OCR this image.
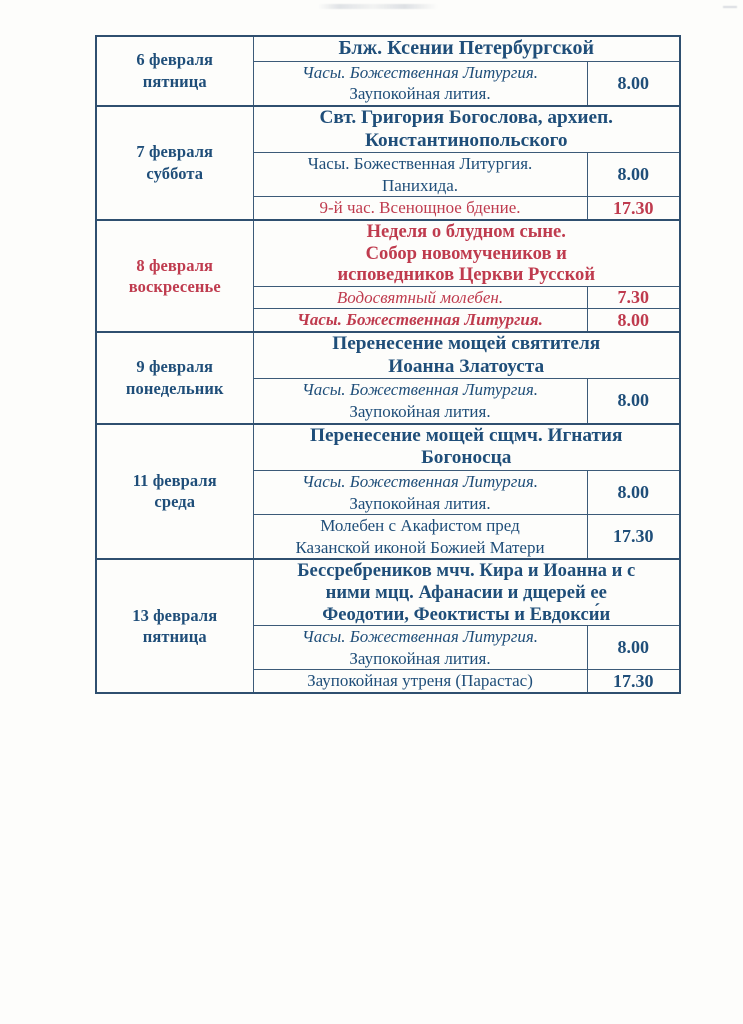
6 февраля
пятница	Блж. Ксении Петербургской	

	Часы. Божественная Литургия.
Заупокойная лития.	8.00

7 февраля
суббота	Свт. Григория Богослова, архиеп.
Константинопольского	

	Часы. Божественная Литургия.
Панихида.	8.00

	9-й час. Всенощное бдение.	17.30

8 февраля
воскресенье	Неделя о блудном сыне.
Собор новомучеников и
исповедников Церкви Русской	

	Водосвятный молебен.	7.30

	Часы. Божественная Литургия.	8.00

9 февраля
понедельник	Перенесение мощей святителя
Иоанна Златоуста	

	Часы. Божественная Литургия.
Заупокойная лития.	8.00

11 февраля
среда	Перенесение мощей сщмч. Игнатия
Богоносца	

	Часы. Божественная Литургия.
Заупокойная лития.	8.00

	Молебен с Акафистом пред
Казанской иконой Божией Матери	17.30

13 февраля
пятница	Бессребреников мчч. Кира и Иоанна и с
ними мцц. Афанасии и дщерей ее
Феодотии, Феоктисты и Евдокси́и	

	Часы. Божественная Литургия.
Заупокойная лития.	8.00

	Заупокойная утреня (Парастас)	17.30
